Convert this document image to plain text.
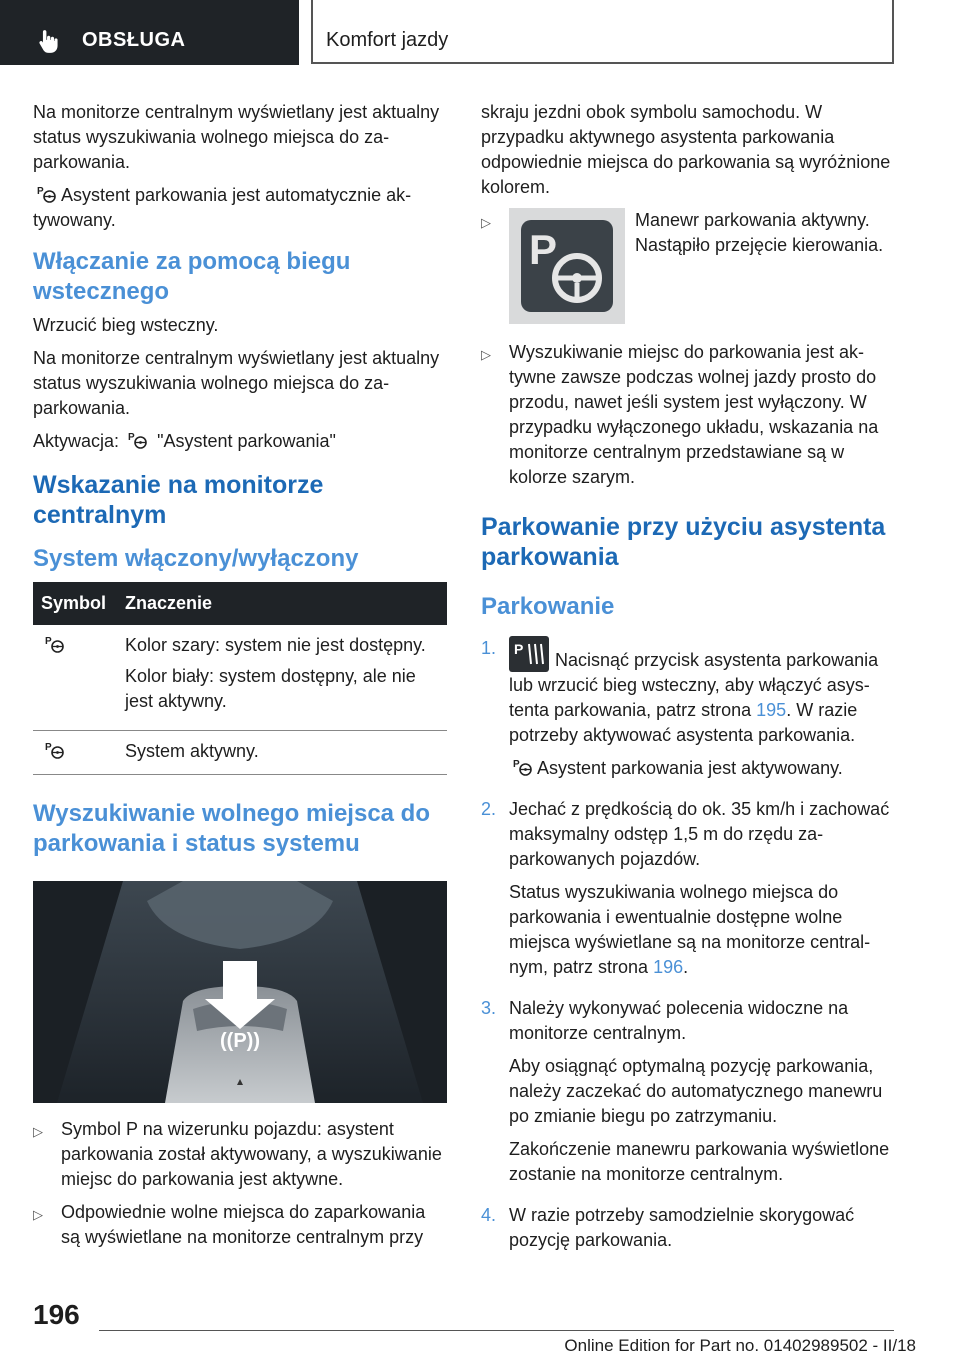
OBSŁUGA	Komfort jazdy

Na monitorze centralnym wyświetlany jest aktualny status wyszukiwania wolnego miejsca do zaparkowania.

P Asystent parkowania jest automatycznie aktywowany.

Włączanie za pomocą biegu wstecznego

Wrzucić bieg wsteczny.

Na monitorze centralnym wyświetlany jest aktualny status wyszukiwania wolnego miejsca do zaparkowania.

Aktywacja: P "Asystent parkowania"

Wskazanie na monitorze centralnym
System włączony/wyłączony
Symbol	Znaczenie

P	Kolor szary: system nie jest dostępny.

Kolor biały: system dostępny, ale nie jest aktywny.

P	System aktywny.
Wyszukiwanie wolnego miejsca do parkowania i status systemu
((P))
▷	Symbol P na wizerunku pojazdu: asystent parkowania został aktywowany, a wyszukiwanie miejsc do parkowania jest aktywne.
▷	Odpowiednie wolne miejsca do zaparkowania są wyświetlane na monitorze centralnym przy

skraju jezdni obok symbolu samochodu. W przypadku aktywnego asystenta parkowania odpowiednie miejsca do parkowania są wyróżnione kolorem.

▷
P
Manewr parkowania aktywny. Nastąpiło przejęcie kierowania.
▷	Wyszukiwanie miejsc do parkowania jest aktywne zawsze podczas wolnej jazdy prosto do przodu, nawet jeśli system jest wyłączony. W przypadku wyłączonego układu, wskazania na monitorze centralnym przedstawiane są w kolorze szarym.
Parkowanie przy użyciu asystenta parkowania
Parkowanie
1.	P
Nacisnąć przycisk asystenta parkowania lub wrzucić bieg wsteczny, aby włączyć asystenta parkowania, patrz strona 195. W razie potrzeby aktywować asystenta parkowania.

P Asystent parkowania jest aktywowany.

2. Jechać z prędkością do ok. 35 km/h i zachować maksymalny odstęp 1,5 m do rzędu zaparkowanych pojazdów.

Status wyszukiwania wolnego miejsca do parkowania i ewentualnie dostępne wolne miejsca wyświetlane są na monitorze centralnym, patrz strona 196.

3. Należy wykonywać polecenia widoczne na monitorze centralnym.

Aby osiągnąć optymalną pozycję parkowania, należy zaczekać do automatycznego manewru po zmianie biegu po zatrzymaniu.

Zakończenie manewru parkowania wyświetlone zostanie na monitorze centralnym.

4. W razie potrzeby samodzielnie skorygować pozycję parkowania.

196
Online Edition for Part no. 01402989502 - II/18
